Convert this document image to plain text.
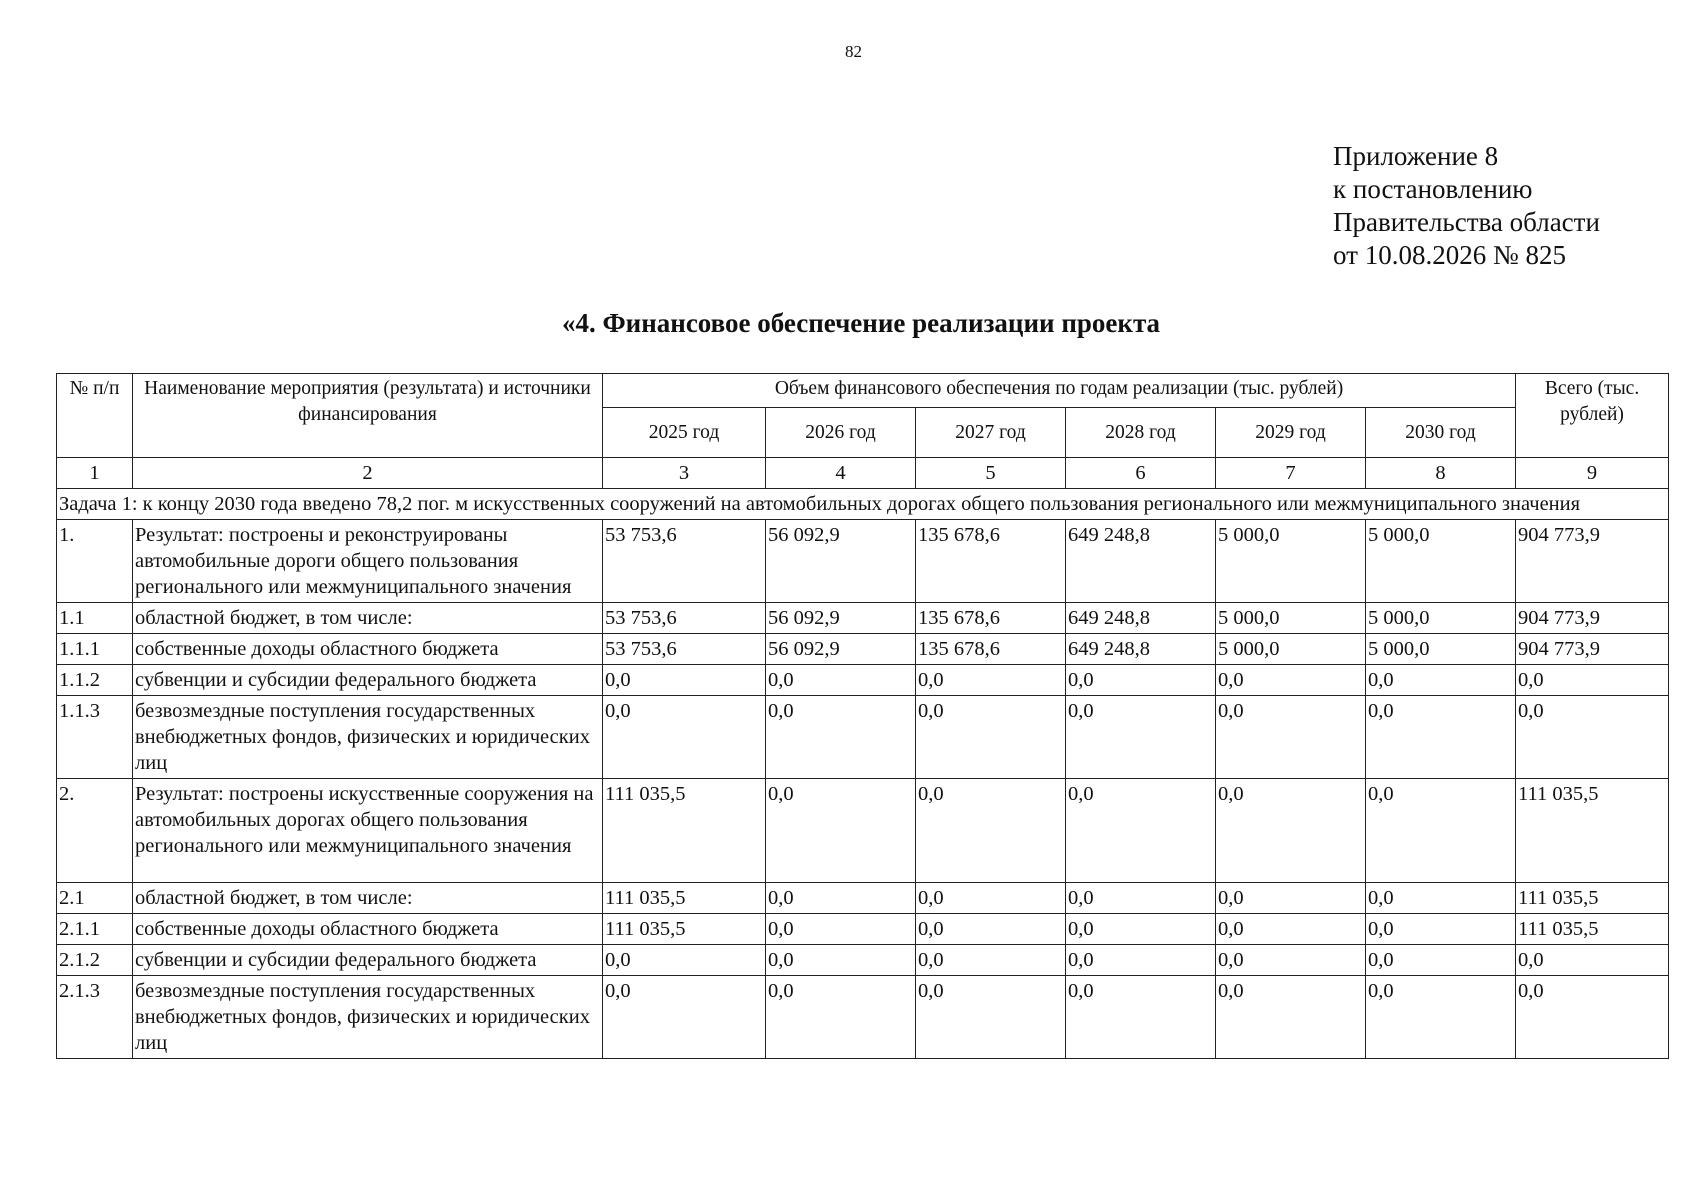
82
Приложение 8
к постановлению
Правительства области
от 10.08.2026 № 825
«4. Финансовое обеспечение реализации проекта
№ п/п	Наименование мероприятия (результата) и источники финансирования	Объем финансового обеспечения по годам реализации (тыс. рублей)						Всего (тыс. рублей)
		2025 год	2026 год	2027 год	2028 год	2029 год	2030 год	
1	2	3	4	5	6	7	8	9
Задача 1: к концу 2030 года введено 78,2 пог. м искусственных сооружений на автомобильных дорогах общего пользования регионального или межмуниципального значения								
1.	Результат: построены и реконструированы автомобильные дороги общего пользования регионального или межмуниципального значения	53 753,6	56 092,9	135 678,6	649 248,8	5 000,0	5 000,0	904 773,9
1.1	областной бюджет, в том числе:	53 753,6	56 092,9	135 678,6	649 248,8	5 000,0	5 000,0	904 773,9
1.1.1	собственные доходы областного бюджета	53 753,6	56 092,9	135 678,6	649 248,8	5 000,0	5 000,0	904 773,9
1.1.2	субвенции и субсидии федерального бюджета	0,0	0,0	0,0	0,0	0,0	0,0	0,0
1.1.3	безвозмездные поступления государственных внебюджетных фондов, физических и юридических лиц	0,0	0,0	0,0	0,0	0,0	0,0	0,0
2.	Результат: построены искусственные сооружения на автомобильных дорогах общего пользования регионального или межмуниципального значения	111 035,5	0,0	0,0	0,0	0,0	0,0	111 035,5
2.1	областной бюджет, в том числе:	111 035,5	0,0	0,0	0,0	0,0	0,0	111 035,5
2.1.1	собственные доходы областного бюджета	111 035,5	0,0	0,0	0,0	0,0	0,0	111 035,5
2.1.2	субвенции и субсидии федерального бюджета	0,0	0,0	0,0	0,0	0,0	0,0	0,0
2.1.3	безвозмездные поступления государственных внебюджетных фондов, физических и юридических лиц	0,0	0,0	0,0	0,0	0,0	0,0	0,0
